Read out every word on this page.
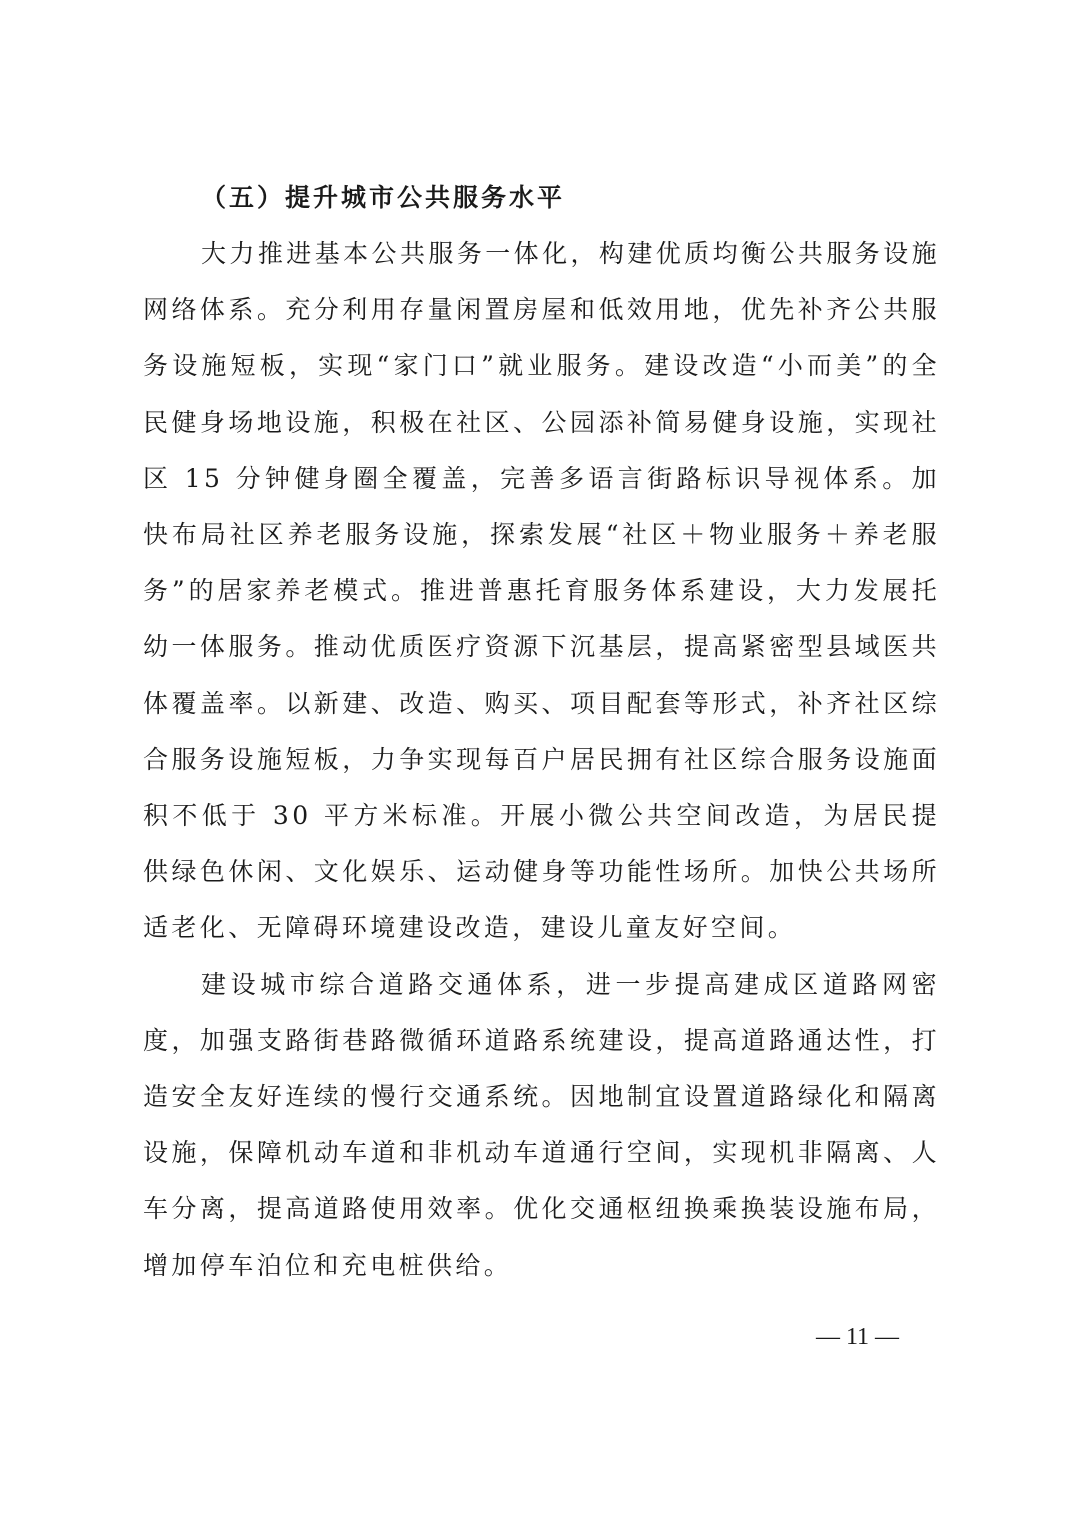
（五）提升城市公共服务水平

大力推进基本公共服务一体化，构建优质均衡公共服务设施网络体系。充分利用存量闲置房屋和低效用地，优先补齐公共服务设施短板，实现“家门口”就业服务。建设改造“小而美”的全民健身场地设施，积极在社区、公园添补简易健身设施，实现社区 15 分钟健身圈全覆盖，完善多语言街路标识导视体系。加快布局社区养老服务设施，探索发展“社区＋物业服务＋养老服务”的居家养老模式。推进普惠托育服务体系建设，大力发展托幼一体服务。推动优质医疗资源下沉基层，提高紧密型县域医共体覆盖率。以新建、改造、购买、项目配套等形式，补齐社区综合服务设施短板，力争实现每百户居民拥有社区综合服务设施面积不低于 30 平方米标准。开展小微公共空间改造，为居民提供绿色休闲、文化娱乐、运动健身等功能性场所。加快公共场所适老化、无障碍环境建设改造，建设儿童友好空间。

建设城市综合道路交通体系，进一步提高建成区道路网密度，加强支路街巷路微循环道路系统建设，提高道路通达性，打造安全友好连续的慢行交通系统。因地制宜设置道路绿化和隔离设施，保障机动车道和非机动车道通行空间，实现机非隔离、人车分离，提高道路使用效率。优化交通枢纽换乘换装设施布局，增加停车泊位和充电桩供给。

— 11 —
